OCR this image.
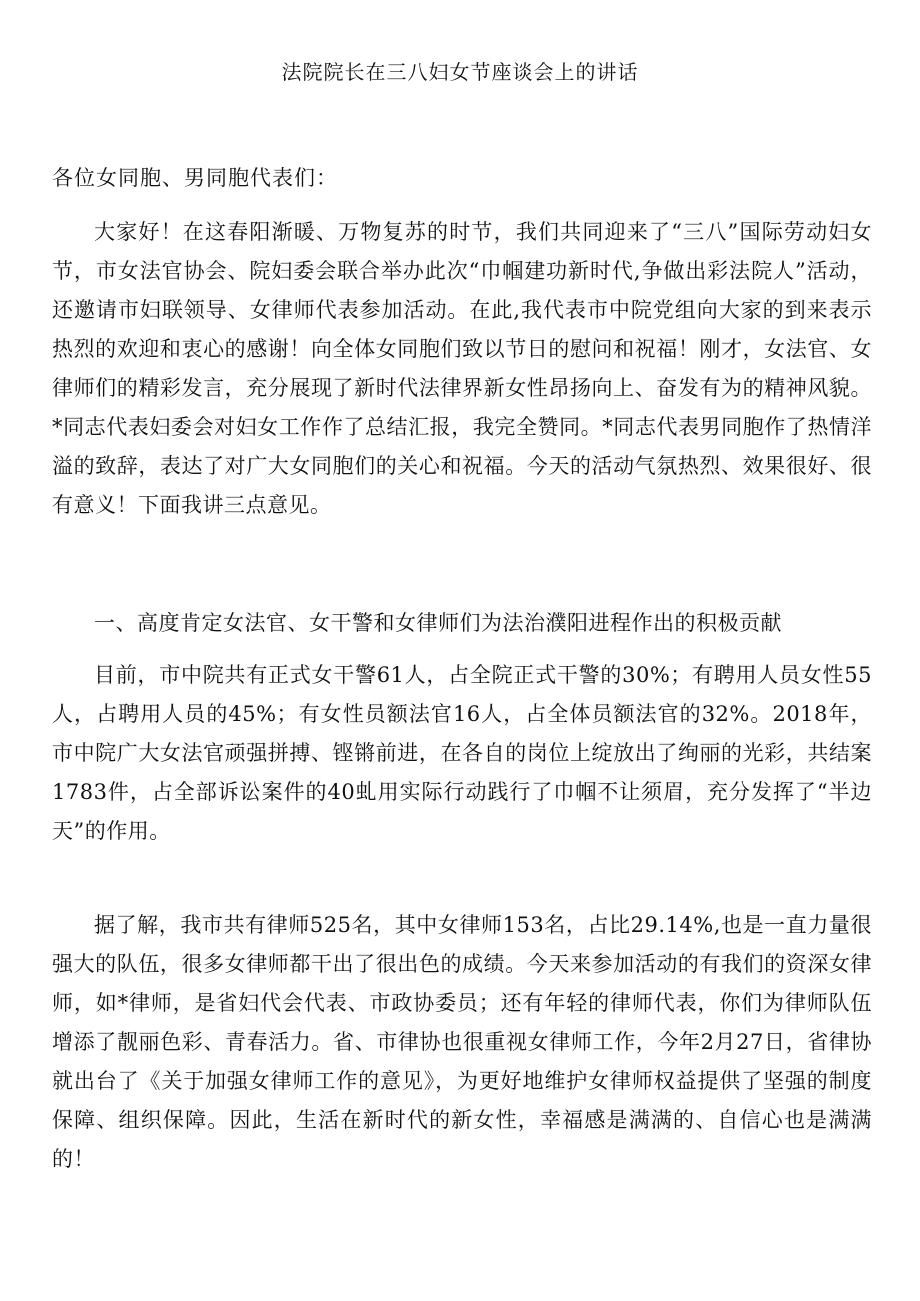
法院院长在三八妇女节座谈会上的讲话

各位女同胞、男同胞代表们：

大家好！在这春阳渐暖、万物复苏的时节，我们共同迎来了“三八”国际劳动妇女节，市女法官协会、院妇委会联合举办此次“巾帼建功新时代,争做出彩法院人”活动，还邀请市妇联领导、女律师代表参加活动。在此,我代表市中院党组向大家的到来表示热烈的欢迎和衷心的感谢！向全体女同胞们致以节日的慰问和祝福！刚才，女法官、女律师们的精彩发言，充分展现了新时代法律界新女性昂扬向上、奋发有为的精神风貌。*同志代表妇委会对妇女工作作了总结汇报，我完全赞同。*同志代表男同胞作了热情洋溢的致辞，表达了对广大女同胞们的关心和祝福。今天的活动气氛热烈、效果很好、很有意义！下面我讲三点意见。

一、高度肯定女法官、女干警和女律师们为法治濮阳进程作出的积极贡献

目前，市中院共有正式女干警61人，占全院正式干警的30%；有聘用人员女性55人，占聘用人员的45%；有女性员额法官16人，占全体员额法官的32%。2018年，市中院广大女法官顽强拼搏、铿锵前进，在各自的岗位上绽放出了绚丽的光彩，共结案1783件，占全部诉讼案件的40虬用实际行动践行了巾帼不让须眉，充分发挥了“半边天”的作用。

据了解，我市共有律师525名，其中女律师153名，占比29.14%,也是一直力量很强大的队伍，很多女律师都干出了很出色的成绩。今天来参加活动的有我们的资深女律师，如*律师，是省妇代会代表、市政协委员；还有年轻的律师代表，你们为律师队伍增添了靓丽色彩、青春活力。省、市律协也很重视女律师工作，今年2月27日，省律协就出台了《关于加强女律师工作的意见》，为更好地维护女律师权益提供了坚强的制度保障、组织保障。因此，生活在新时代的新女性，幸福感是满满的、自信心也是满满的！
